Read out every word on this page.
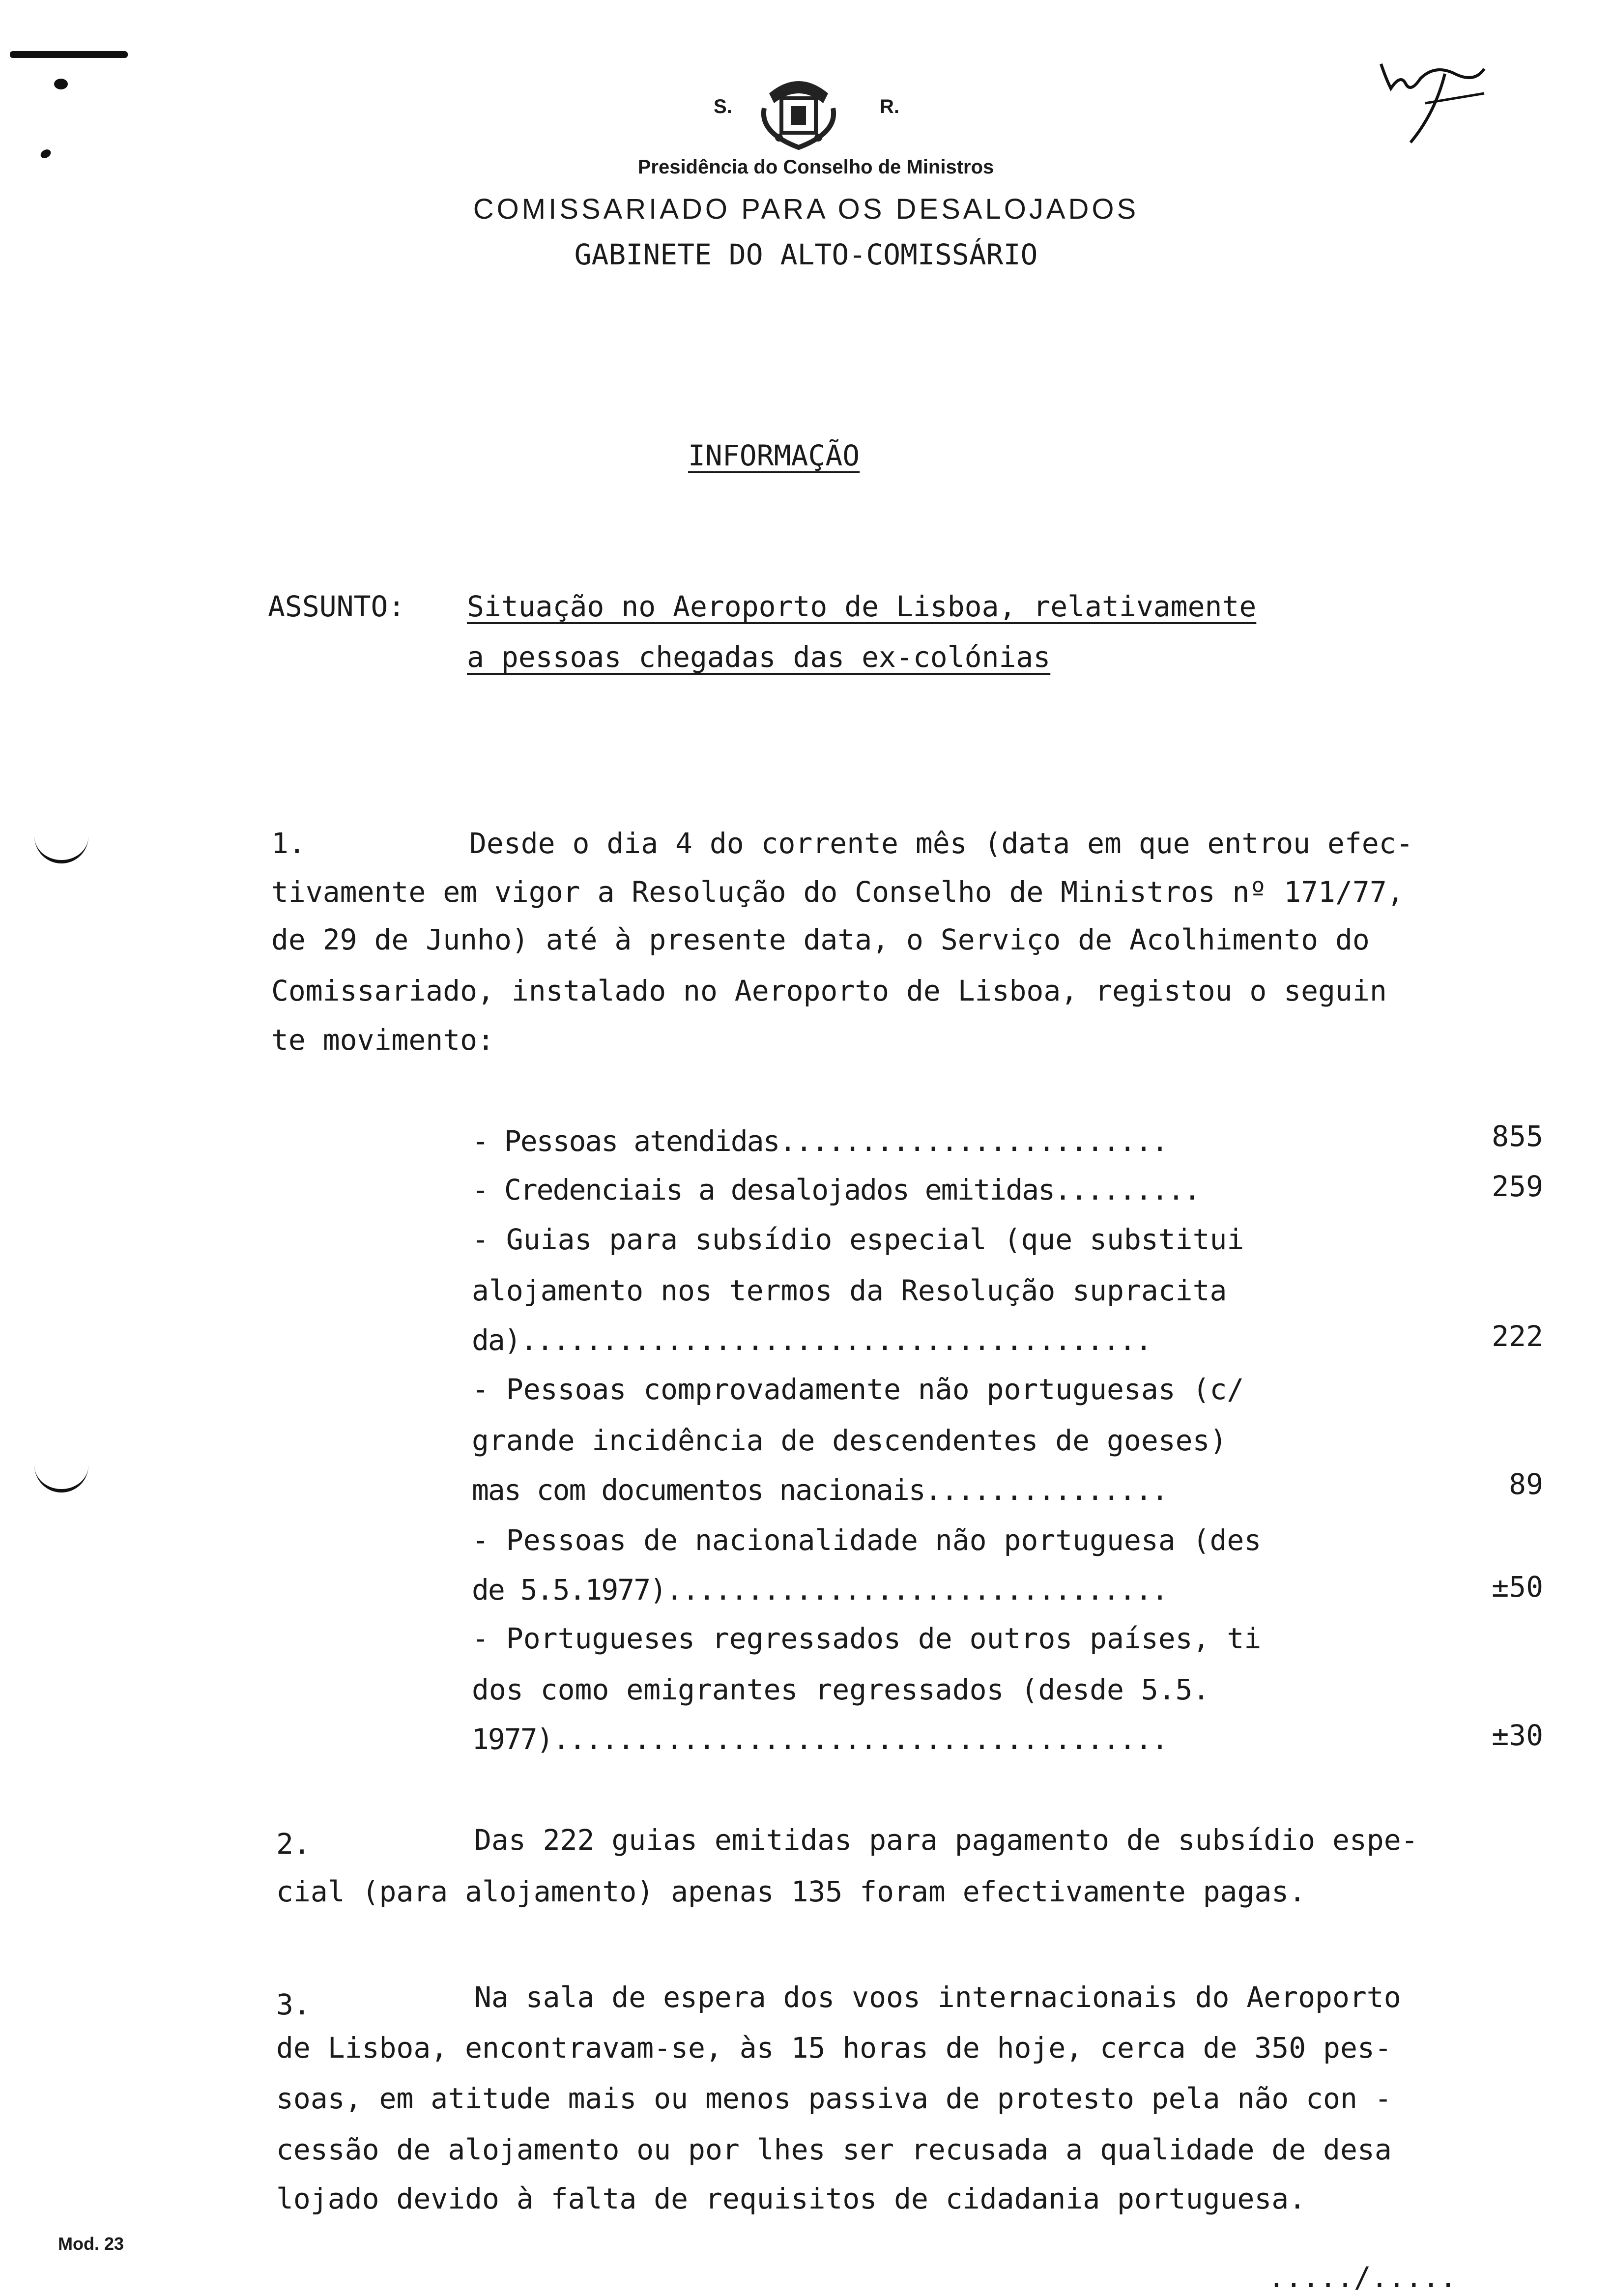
S.	R.
Presidência do Conselho de Ministros
COMISSARIADO PARA OS DESALOJADOS
GABINETE DO ALTO-COMISSÁRIO
INFORMAÇÃO
ASSUNTO: Situação no Aeroporto de Lisboa, relativamente
a pessoas chegadas das ex-colónias
1.	Desde o dia 4 do corrente mês (data em que entrou efec-
tivamente em vigor a Resolução do Conselho de Ministros nº 171/77,
de 29 de Junho) até à presente data, o Serviço de Acolhimento do
Comissariado, instalado no Aeroporto de Lisboa, registou o seguin
te movimento:
- Pessoas atendidas........................	855
- Credenciais a desalojados emitidas.........	259
- Guias para subsídio especial (que substitui
alojamento nos termos da Resolução supracita
da).......................................	222
- Pessoas comprovadamente não portuguesas (c/
grande incidência de descendentes de goeses)
mas com documentos nacionais...............	89
- Pessoas de nacionalidade não portuguesa (des
de 5.5.1977)...............................	±50
- Portugueses regressados de outros países, ti
dos como emigrantes regressados (desde 5.5.
1977)......................................	±30
2.	Das 222 guias emitidas para pagamento de subsídio espe-
cial (para alojamento) apenas 135 foram efectivamente pagas.
3.	Na sala de espera dos voos internacionais do Aeroporto
de Lisboa, encontravam-se, às 15 horas de hoje, cerca de 350 pes-
soas, em atitude mais ou menos passiva de protesto pela não con -
cessão de alojamento ou por lhes ser recusada a qualidade de desa
lojado devido à falta de requisitos de cidadania portuguesa.
Mod. 23
...../.....
